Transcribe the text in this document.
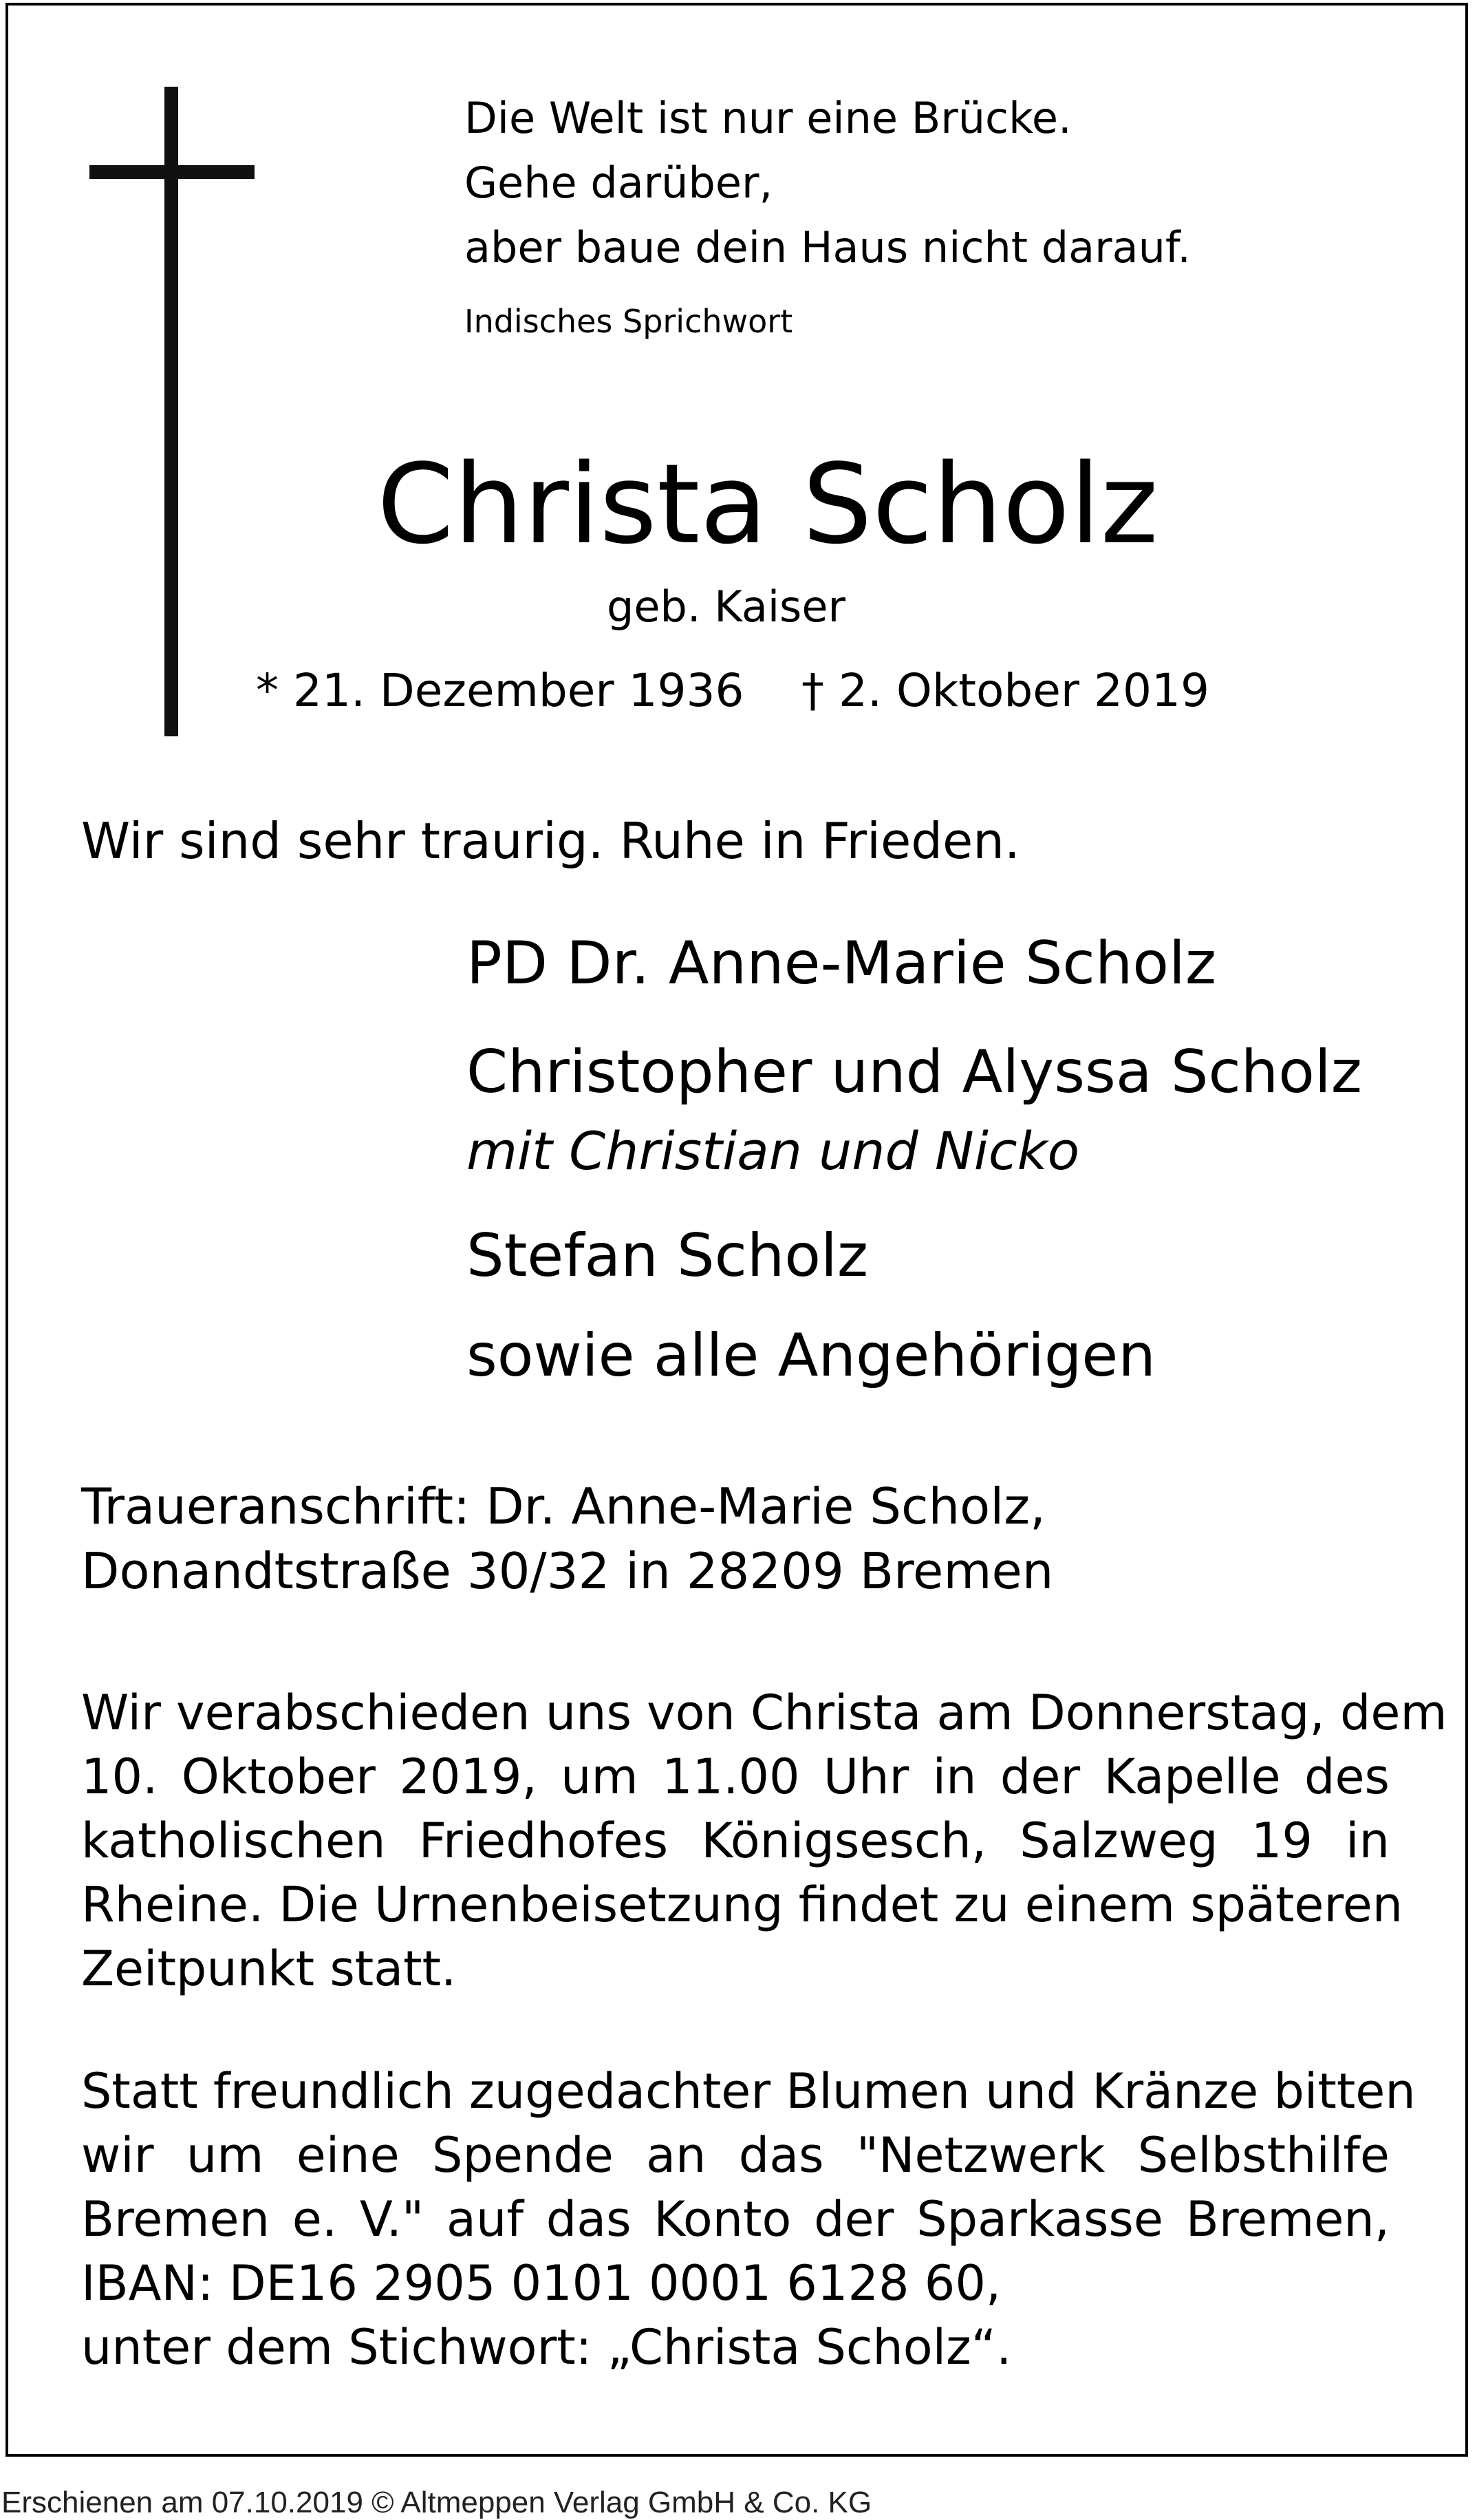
Die Welt ist nur eine Brücke.
Gehe darüber,
aber baue dein Haus nicht darauf.
Indisches Sprichwort
Christa Scholz
geb. Kaiser
* 21. Dezember 1936 † 2. Oktober 2019
Wir sind sehr traurig. Ruhe in Frieden.
PD Dr. Anne-Marie Scholz
Christopher und Alyssa Scholz
mit Christian und Nicko
Stefan Scholz
sowie alle Angehörigen
Traueranschrift: Dr. Anne-Marie Scholz,
Donandtstraße 30/32 in 28209 Bremen
Wir verabschieden uns von Christa am Donnerstag, dem
10. Oktober 2019, um 11.00 Uhr in der Kapelle des
katholischen Friedhofes Königsesch, Salzweg 19 in
Rheine. Die Urnenbeisetzung findet zu einem späteren
Zeitpunkt statt.
Statt freundlich zugedachter Blumen und Kränze bitten
wir um eine Spende an das "Netzwerk Selbsthilfe
Bremen e. V." auf das Konto der Sparkasse Bremen,
IBAN: DE16 2905 0101 0001 6128 60,
unter dem Stichwort: „Christa Scholz“.
Erschienen am 07.10.2019 © Altmeppen Verlag GmbH & Co. KG
